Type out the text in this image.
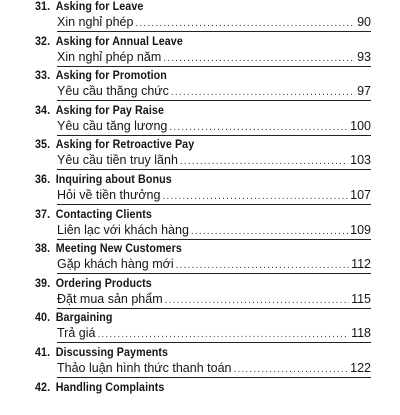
31. Asking for Leave
Xin nghỉ phép .....	90
32. Asking for Annual Leave
Xin nghỉ phép năm .....	93
33. Asking for Promotion
Yêu cầu thăng chức .....	97
34. Asking for Pay Raise
Yêu cầu tăng lương .....	100
35. Asking for Retroactive Pay
Yêu cầu tiền truy lãnh .....	103
36. Inquiring about Bonus
Hỏi về tiền thưởng .....	107
37. Contacting Clients
Liên lạc với khách hàng .....	109
38. Meeting New Customers
Gặp khách hàng mới .....	112
39. Ordering Products
Đặt mua sản phẩm .....	115
40. Bargaining
Trả giá .....	118
41. Discussing Payments
Thảo luận hình thức thanh toán .....	122
42. Handling Complaints
